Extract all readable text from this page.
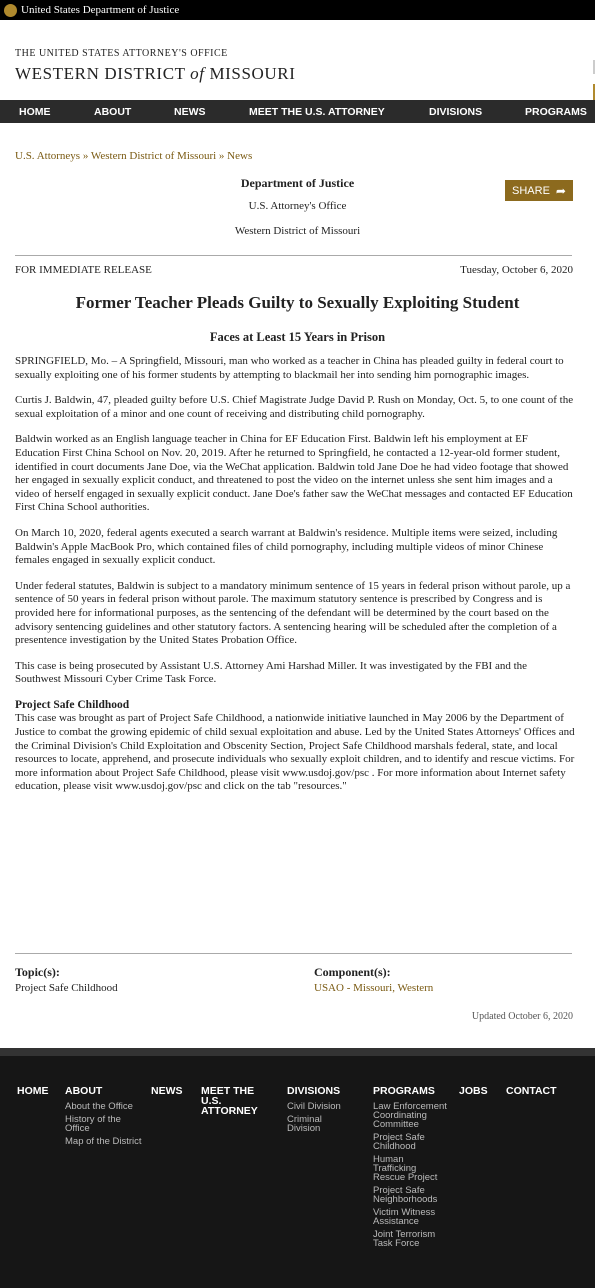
United States Department of Justice
THE UNITED STATES ATTORNEY'S OFFICE
WESTERN DISTRICT of MISSOURI
HOME	ABOUT	NEWS	MEET THE U.S. ATTORNEY	DIVISIONS	PROGRAMS
U.S. Attorneys » Western District of Missouri » News
Department of Justice
U.S. Attorney's Office
Western District of Missouri
SHARE ➦
FOR IMMEDIATE RELEASE	Tuesday, October 6, 2020
Former Teacher Pleads Guilty to Sexually Exploiting Student
Faces at Least 15 Years in Prison

SPRINGFIELD, Mo. – A Springfield, Missouri, man who worked as a teacher in China has pleaded guilty in federal court to sexually exploiting one of his former students by attempting to blackmail her into sending him pornographic images.

Curtis J. Baldwin, 47, pleaded guilty before U.S. Chief Magistrate Judge David P. Rush on Monday, Oct. 5, to one count of the sexual exploitation of a minor and one count of receiving and distributing child pornography.

Baldwin worked as an English language teacher in China for EF Education First. Baldwin left his employment at EF Education First China School on Nov. 20, 2019. After he returned to Springfield, he contacted a 12-year-old former student, identified in court documents Jane Doe, via the WeChat application. Baldwin told Jane Doe he had video footage that showed her engaged in sexually explicit conduct, and threatened to post the video on the internet unless she sent him images and a video of herself engaged in sexually explicit conduct. Jane Doe's father saw the WeChat messages and contacted EF Education First China School authorities.

On March 10, 2020, federal agents executed a search warrant at Baldwin's residence. Multiple items were seized, including Baldwin's Apple MacBook Pro, which contained files of child pornography, including multiple videos of minor Chinese females engaged in sexually explicit conduct.

Under federal statutes, Baldwin is subject to a mandatory minimum sentence of 15 years in federal prison without parole, up a sentence of 50 years in federal prison without parole. The maximum statutory sentence is prescribed by Congress and is provided here for informational purposes, as the sentencing of the defendant will be determined by the court based on the advisory sentencing guidelines and other statutory factors. A sentencing hearing will be scheduled after the completion of a presentence investigation by the United States Probation Office.

This case is being prosecuted by Assistant U.S. Attorney Ami Harshad Miller. It was investigated by the FBI and the Southwest Missouri Cyber Crime Task Force.

Project Safe Childhood

This case was brought as part of Project Safe Childhood, a nationwide initiative launched in May 2006 by the Department of Justice to combat the growing epidemic of child sexual exploitation and abuse. Led by the United States Attorneys' Offices and the Criminal Division's Child Exploitation and Obscenity Section, Project Safe Childhood marshals federal, state, and local resources to locate, apprehend, and prosecute individuals who sexually exploit children, and to identify and rescue victims. For more information about Project Safe Childhood, please visit www.usdoj.gov/psc . For more information about Internet safety education, please visit www.usdoj.gov/psc and click on the tab "resources."

Topic(s):
Project Safe Childhood
Component(s):
USAO - Missouri, Western
Updated October 6, 2020
HOME ABOUT
About the Office
History of the Office
Map of the District
NEWS MEET THE U.S. ATTORNEY
DIVISIONS
Civil Division
Criminal Division
PROGRAMS
Law Enforcement Coordinating Committee
Project Safe Childhood
Human Trafficking Rescue Project
Project Safe Neighborhoods
Victim Witness Assistance
Joint Terrorism Task Force
JOBS CONTACT
